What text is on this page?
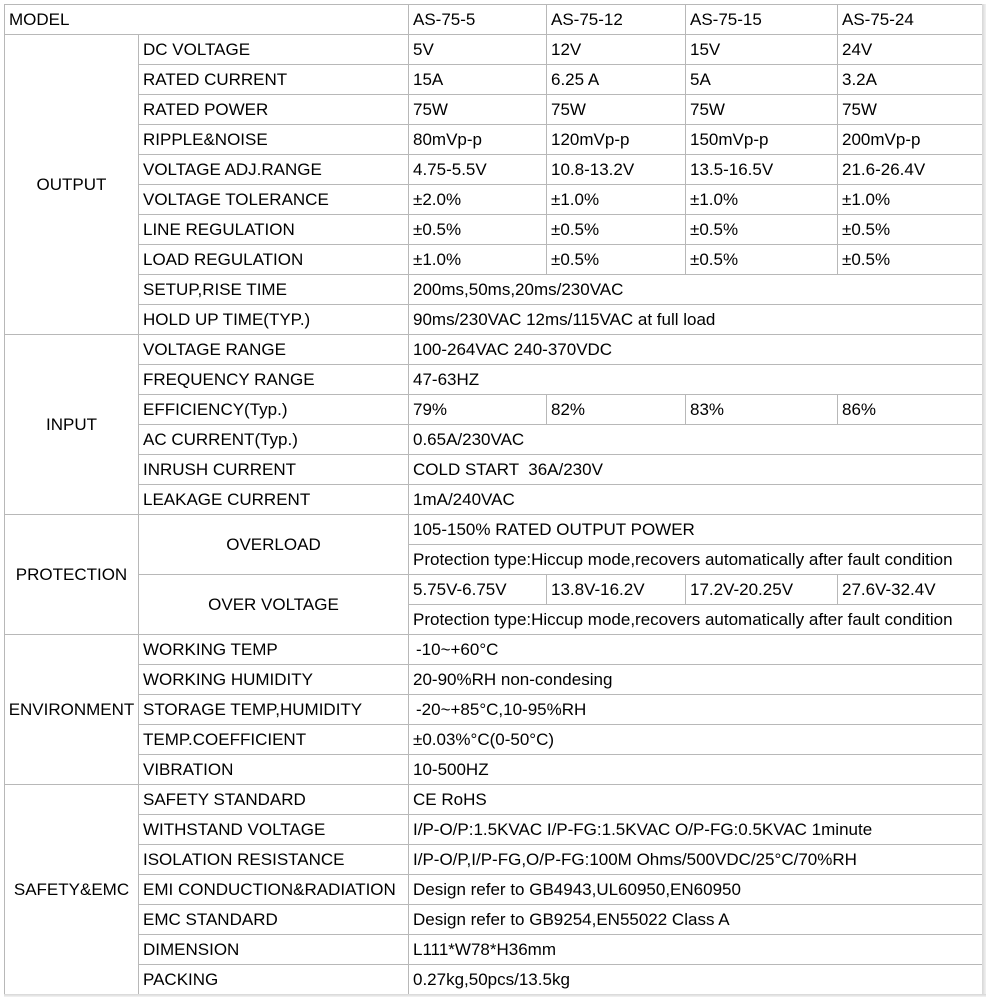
MODEL		AS-75-5	AS-75-12	AS-75-15	AS-75-24
OUTPUT	DC VOLTAGE	5V	12V	15V	24V
	RATED CURRENT	15A	6.25 A	5A	3.2A
	RATED POWER	75W	75W	75W	75W
	RIPPLE&NOISE	80mVp-p	120mVp-p	150mVp-p	200mVp-p
	VOLTAGE ADJ.RANGE	4.75-5.5V	10.8-13.2V	13.5-16.5V	21.6-26.4V
	VOLTAGE TOLERANCE	±2.0%	±1.0%	±1.0%	±1.0%
	LINE REGULATION	±0.5%	±0.5%	±0.5%	±0.5%
	LOAD REGULATION	±1.0%	±0.5%	±0.5%	±0.5%
	SETUP,RISE TIME	200ms,50ms,20ms/230VAC			
	HOLD UP TIME(TYP.)	90ms/230VAC 12ms/115VAC at full load			
INPUT	VOLTAGE RANGE	100-264VAC 240-370VDC			
	FREQUENCY RANGE	47-63HZ			
	EFFICIENCY(Typ.)	79%	82%	83%	86%
	AC CURRENT(Typ.)	0.65A/230VAC			
	INRUSH CURRENT	COLD START  36A/230V			
	LEAKAGE CURRENT	1mA/240VAC			
PROTECTION	OVERLOAD	105-150% RATED OUTPUT POWER			
		Protection type:Hiccup mode,recovers automatically after fault condition			
	OVER VOLTAGE	5.75V-6.75V	13.8V-16.2V	17.2V-20.25V	27.6V-32.4V
		Protection type:Hiccup mode,recovers automatically after fault condition			
ENVIRONMENT	WORKING TEMP	-10~+60°C			
	WORKING HUMIDITY	20-90%RH non-condesing			
	STORAGE TEMP,HUMIDITY	-20~+85°C,10-95%RH			
	TEMP.COEFFICIENT	±0.03%°C(0-50°C)			
	VIBRATION	10-500HZ			
SAFETY&EMC	SAFETY STANDARD	CE RoHS			
	WITHSTAND VOLTAGE	I/P-O/P:1.5KVAC I/P-FG:1.5KVAC O/P-FG:0.5KVAC 1minute			
	ISOLATION RESISTANCE	I/P-O/P,I/P-FG,O/P-FG:100M Ohms/500VDC/25°C/70%RH			
	EMI CONDUCTION&RADIATION	Design refer to GB4943,UL60950,EN60950			
	EMC STANDARD	Design refer to GB9254,EN55022 Class A			
	DIMENSION	L111*W78*H36mm			
	PACKING	0.27kg,50pcs/13.5kg			
